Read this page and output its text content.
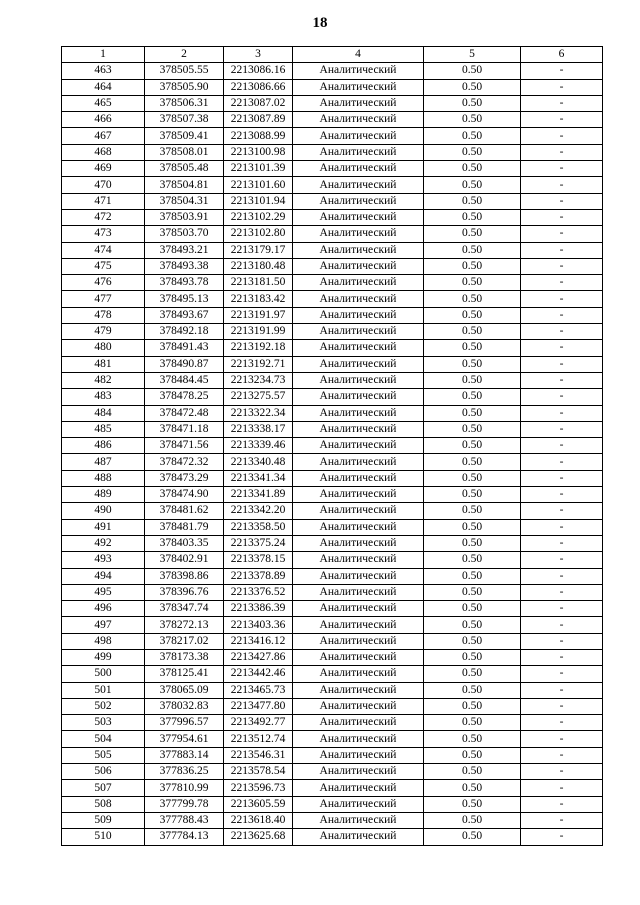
18
1	2	3	4	5	6
463	378505.55	2213086.16	Аналитический	0.50	-
464	378505.90	2213086.66	Аналитический	0.50	-
465	378506.31	2213087.02	Аналитический	0.50	-
466	378507.38	2213087.89	Аналитический	0.50	-
467	378509.41	2213088.99	Аналитический	0.50	-
468	378508.01	2213100.98	Аналитический	0.50	-
469	378505.48	2213101.39	Аналитический	0.50	-
470	378504.81	2213101.60	Аналитический	0.50	-
471	378504.31	2213101.94	Аналитический	0.50	-
472	378503.91	2213102.29	Аналитический	0.50	-
473	378503.70	2213102.80	Аналитический	0.50	-
474	378493.21	2213179.17	Аналитический	0.50	-
475	378493.38	2213180.48	Аналитический	0.50	-
476	378493.78	2213181.50	Аналитический	0.50	-
477	378495.13	2213183.42	Аналитический	0.50	-
478	378493.67	2213191.97	Аналитический	0.50	-
479	378492.18	2213191.99	Аналитический	0.50	-
480	378491.43	2213192.18	Аналитический	0.50	-
481	378490.87	2213192.71	Аналитический	0.50	-
482	378484.45	2213234.73	Аналитический	0.50	-
483	378478.25	2213275.57	Аналитический	0.50	-
484	378472.48	2213322.34	Аналитический	0.50	-
485	378471.18	2213338.17	Аналитический	0.50	-
486	378471.56	2213339.46	Аналитический	0.50	-
487	378472.32	2213340.48	Аналитический	0.50	-
488	378473.29	2213341.34	Аналитический	0.50	-
489	378474.90	2213341.89	Аналитический	0.50	-
490	378481.62	2213342.20	Аналитический	0.50	-
491	378481.79	2213358.50	Аналитический	0.50	-
492	378403.35	2213375.24	Аналитический	0.50	-
493	378402.91	2213378.15	Аналитический	0.50	-
494	378398.86	2213378.89	Аналитический	0.50	-
495	378396.76	2213376.52	Аналитический	0.50	-
496	378347.74	2213386.39	Аналитический	0.50	-
497	378272.13	2213403.36	Аналитический	0.50	-
498	378217.02	2213416.12	Аналитический	0.50	-
499	378173.38	2213427.86	Аналитический	0.50	-
500	378125.41	2213442.46	Аналитический	0.50	-
501	378065.09	2213465.73	Аналитический	0.50	-
502	378032.83	2213477.80	Аналитический	0.50	-
503	377996.57	2213492.77	Аналитический	0.50	-
504	377954.61	2213512.74	Аналитический	0.50	-
505	377883.14	2213546.31	Аналитический	0.50	-
506	377836.25	2213578.54	Аналитический	0.50	-
507	377810.99	2213596.73	Аналитический	0.50	-
508	377799.78	2213605.59	Аналитический	0.50	-
509	377788.43	2213618.40	Аналитический	0.50	-
510	377784.13	2213625.68	Аналитический	0.50	-
